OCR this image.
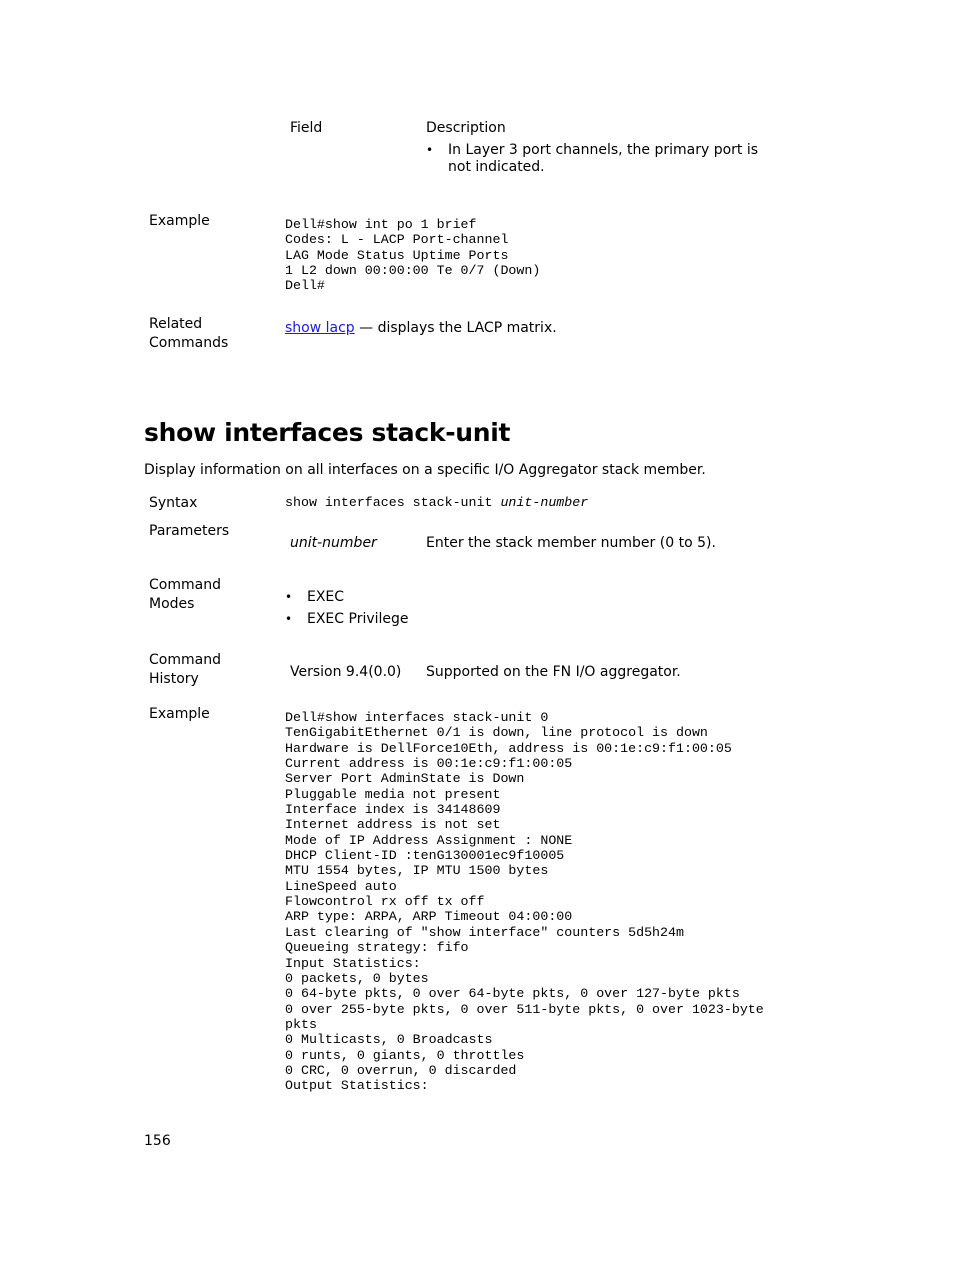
Field	Description
•	In Layer 3 port channels, the primary port is not indicated.
Example	Dell#show int po 1 brief
Codes: L - LACP Port-channel
LAG Mode Status Uptime Ports
1 L2 down 00:00:00 Te 0/7 (Down)
Dell#
Related
Commands
show lacp — displays the LACP matrix.
show interfaces stack-unit
Display information on all interfaces on a specific I/O Aggregator stack member.
Syntax	show interfaces stack-unit unit-number
Parameters
unit-number	Enter the stack member number (0 to 5).
Command
Modes	•	EXEC
•	EXEC Privilege
Command
History	Version 9.4(0.0) Supported on the FN I/O aggregator.
Example	Dell#show interfaces stack-unit 0
TenGigabitEthernet 0/1 is down, line protocol is down
Hardware is DellForce10Eth, address is 00:1e:c9:f1:00:05
Current address is 00:1e:c9:f1:00:05
Server Port AdminState is Down
Pluggable media not present
Interface index is 34148609
Internet address is not set
Mode of IP Address Assignment : NONE
DHCP Client-ID :tenG130001ec9f10005
MTU 1554 bytes, IP MTU 1500 bytes
LineSpeed auto
Flowcontrol rx off tx off
ARP type: ARPA, ARP Timeout 04:00:00
Last clearing of "show interface" counters 5d5h24m
Queueing strategy: fifo
Input Statistics:
0 packets, 0 bytes
0 64-byte pkts, 0 over 64-byte pkts, 0 over 127-byte pkts
0 over 255-byte pkts, 0 over 511-byte pkts, 0 over 1023-byte
pkts
0 Multicasts, 0 Broadcasts
0 runts, 0 giants, 0 throttles
0 CRC, 0 overrun, 0 discarded
Output Statistics:
156
